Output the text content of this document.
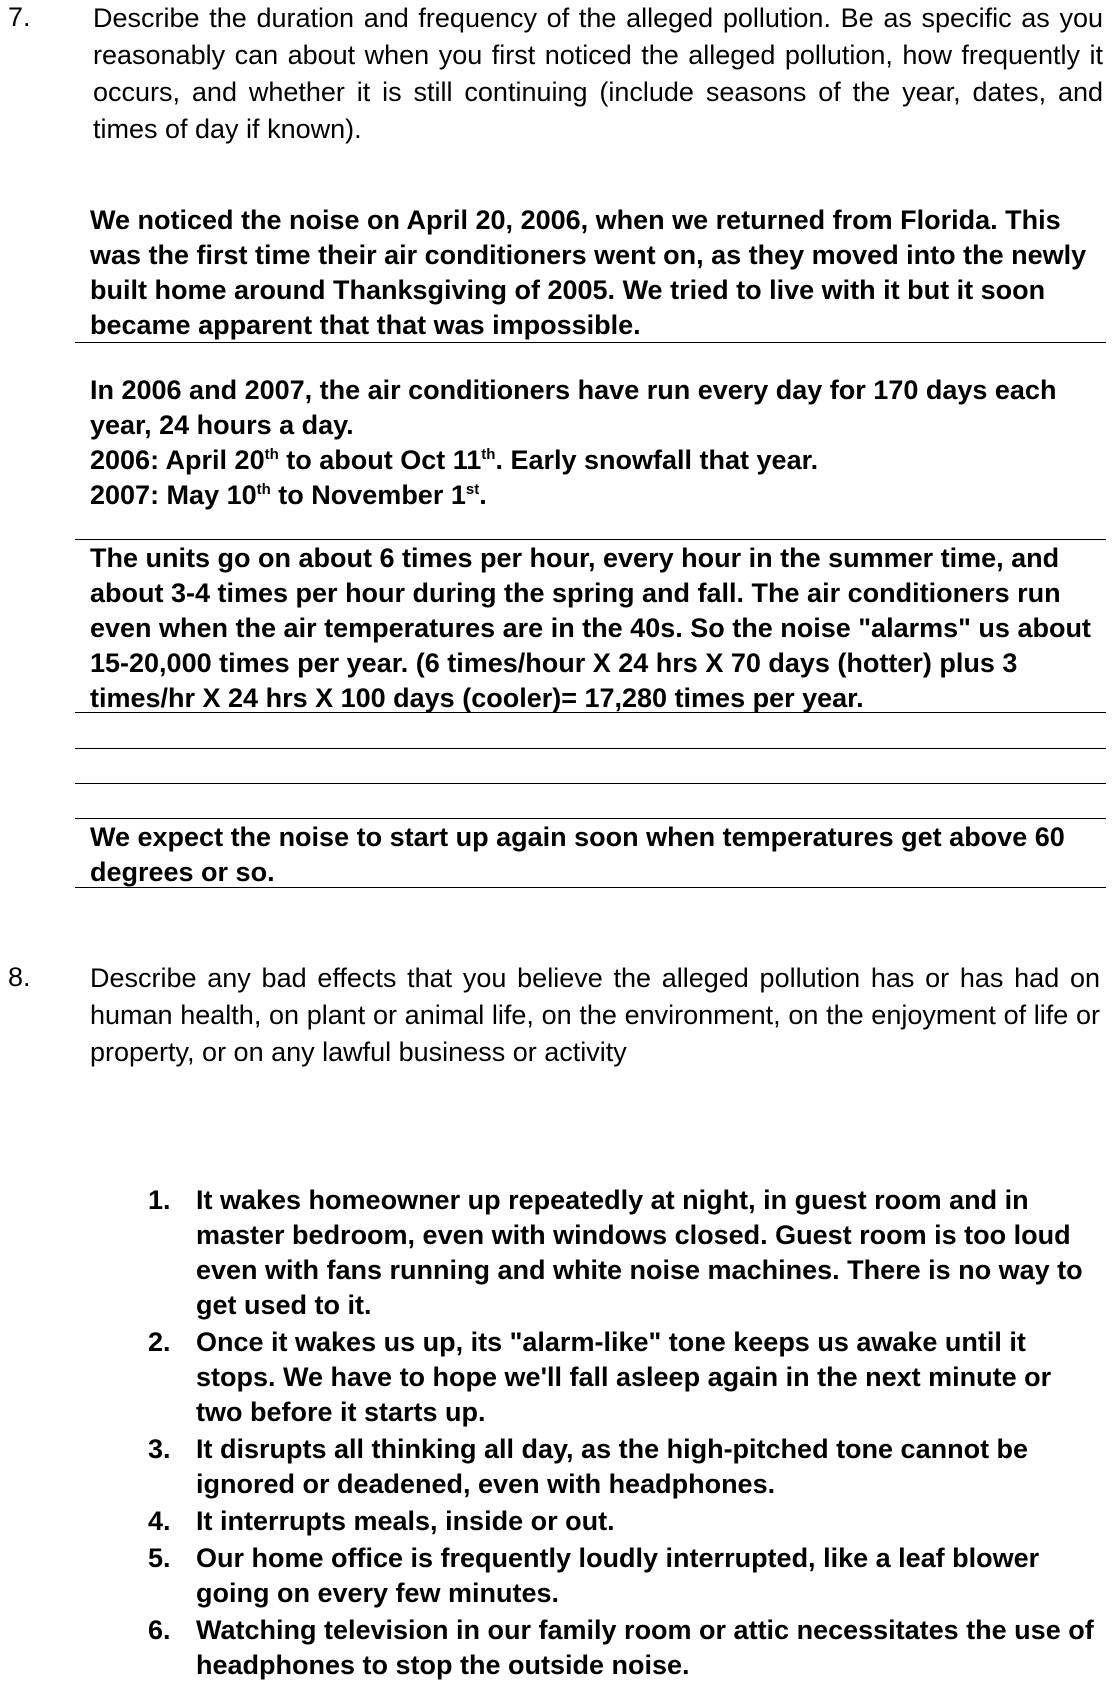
7. Describe the duration and frequency of the alleged pollution. Be as specific as you reasonably can about when you first noticed the alleged pollution, how frequently it occurs, and whether it is still continuing (include seasons of the year, dates, and times of day if known).

We noticed the noise on April 20, 2006, when we returned from Florida. This
was the first time their air conditioners went on, as they moved into the newly
built home around Thanksgiving of 2005. We tried to live with it but it soon
became apparent that that was impossible.
In 2006 and 2007, the air conditioners have run every day for 170 days each
year, 24 hours a day.
2006: April 20th to about Oct 11th. Early snowfall that year.
2007: May 10th to November 1st.
The units go on about 6 times per hour, every hour in the summer time, and
about 3-4 times per hour during the spring and fall. The air conditioners run
even when the air temperatures are in the 40s. So the noise "alarms" us about
15-20,000 times per year. (6 times/hour X 24 hrs X 70 days (hotter) plus 3
times/hr X 24 hrs X 100 days (cooler)= 17,280 times per year.
We expect the noise to start up again soon when temperatures get above 60
degrees or so.
8. Describe any bad effects that you believe the alleged pollution has or has had on human health, on plant or animal life, on the environment, on the enjoyment of life or property, or on any lawful business or activity

1. It wakes homeowner up repeatedly at night, in guest room and in master bedroom, even with windows closed. Guest room is too loud even with fans running and white noise machines. There is no way to get used to it.
2. Once it wakes us up, its "alarm-like" tone keeps us awake until it stops. We have to hope we'll fall asleep again in the next minute or two before it starts up.
3. It disrupts all thinking all day, as the high-pitched tone cannot be ignored or deadened, even with headphones.
4. It interrupts meals, inside or out.
5. Our home office is frequently loudly interrupted, like a leaf blower going on every few minutes.
6. Watching television in our family room or attic necessitates the use of headphones to stop the outside noise.
